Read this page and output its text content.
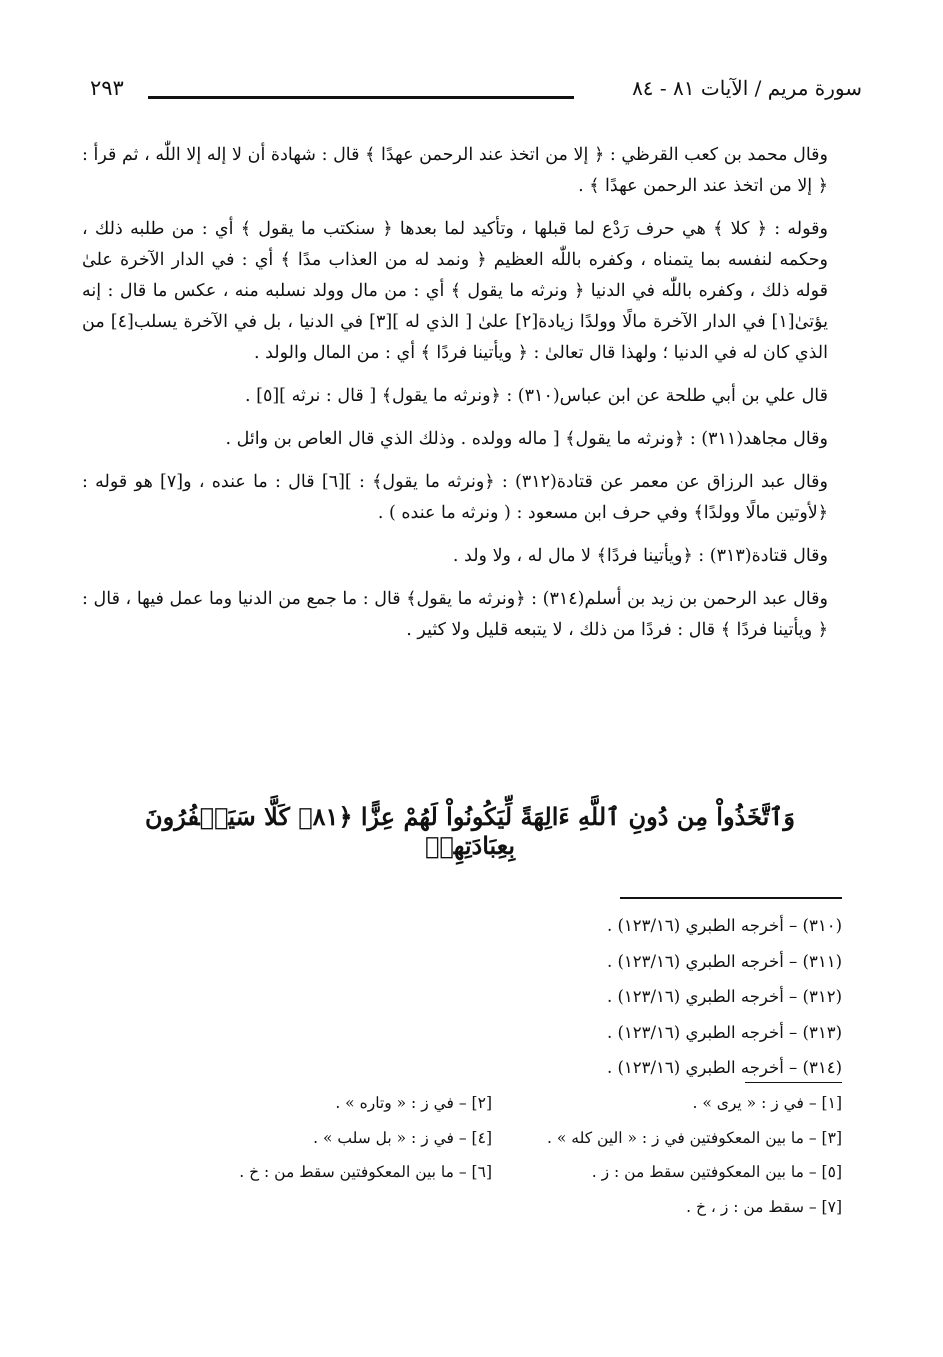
سورة مريم / الآيات ٨١ - ٨٤
٢٩٣

وقال محمد بن كعب القرظي : ﴿ إلا من اتخذ عند الرحمن عهدًا ﴾ قال : شهادة أن لا إله إلا اللّٰه ، ثم قرأ : ﴿ إلا من اتخذ عند الرحمن عهدًا ﴾ .

وقوله : ﴿ كلا ﴾ هي حرف رَدْع لما قبلها ، وتأكيد لما بعدها ﴿ سنكتب ما يقول ﴾ أي : من طلبه ذلك ، وحكمه لنفسه بما يتمناه ، وكفره باللّٰه العظيم ﴿ ونمد له من العذاب مدًا ﴾ أي : في الدار الآخرة علىٰ قوله ذلك ، وكفره باللّٰه في الدنيا ﴿ ونرثه ما يقول ﴾ أي : من مال وولد نسلبه منه ، عكس ما قال : إنه يؤتىٰ[١] في الدار الآخرة مالًا وولدًا زيادة[٢] علىٰ [ الذي له ][٣] في الدنيا ، بل في الآخرة يسلب[٤] من الذي كان له في الدنيا ؛ ولهذا قال تعالىٰ : ﴿ ويأتينا فردًا ﴾ أي : من المال والولد .

قال علي بن أبي طلحة عن ابن عباس(٣١٠) : ﴿ونرثه ما يقول﴾ [ قال : نرثه ][٥] .

وقال مجاهد(٣١١) : ﴿ونرثه ما يقول﴾ [ ماله وولده . وذلك الذي قال العاص بن وائل .

وقال عبد الرزاق عن معمر عن قتادة(٣١٢) : ﴿ونرثه ما يقول﴾ : ][٦] قال : ما عنده ، و[٧] هو قوله : ﴿لأوتين مالًا وولدًا﴾ وفي حرف ابن مسعود : ( ونرثه ما عنده ) .

وقال قتادة(٣١٣) : ﴿ويأتينا فردًا﴾ لا مال له ، ولا ولد .

وقال عبد الرحمن بن زيد بن أسلم(٣١٤) : ﴿ونرثه ما يقول﴾ قال : ما جمع من الدنيا وما عمل فيها ، قال : ﴿ ويأتينا فردًا ﴾ قال : فردًا من ذلك ، لا يتبعه قليل ولا كثير .

وَٱتَّخَذُواْ مِن دُونِ ٱللَّهِ ءَالِهَةً لِّيَكُونُواْ لَهُمْ عِزًّا ﴿٨١﴾ كَلَّا سَيَكۡفُرُونَ بِعِبَادَتِهِمۡ
(٣١٠) – أخرجه الطبري (١٢٣/١٦) .
(٣١١) – أخرجه الطبري (١٢٣/١٦) .
(٣١٢) – أخرجه الطبري (١٢٣/١٦) .
(٣١٣) – أخرجه الطبري (١٢٣/١٦) .
(٣١٤) – أخرجه الطبري (١٢٣/١٦) .
[١] – في ز : « يرى » .
[٢] – في ز : « وتاره » .
[٣] – ما بين المعكوفتين في ز : « الين كله » .
[٤] – في ز : « بل سلب » .
[٥] – ما بين المعكوفتين سقط من : ز .
[٦] – ما بين المعكوفتين سقط من : خ .
[٧] – سقط من : ز ، خ .
